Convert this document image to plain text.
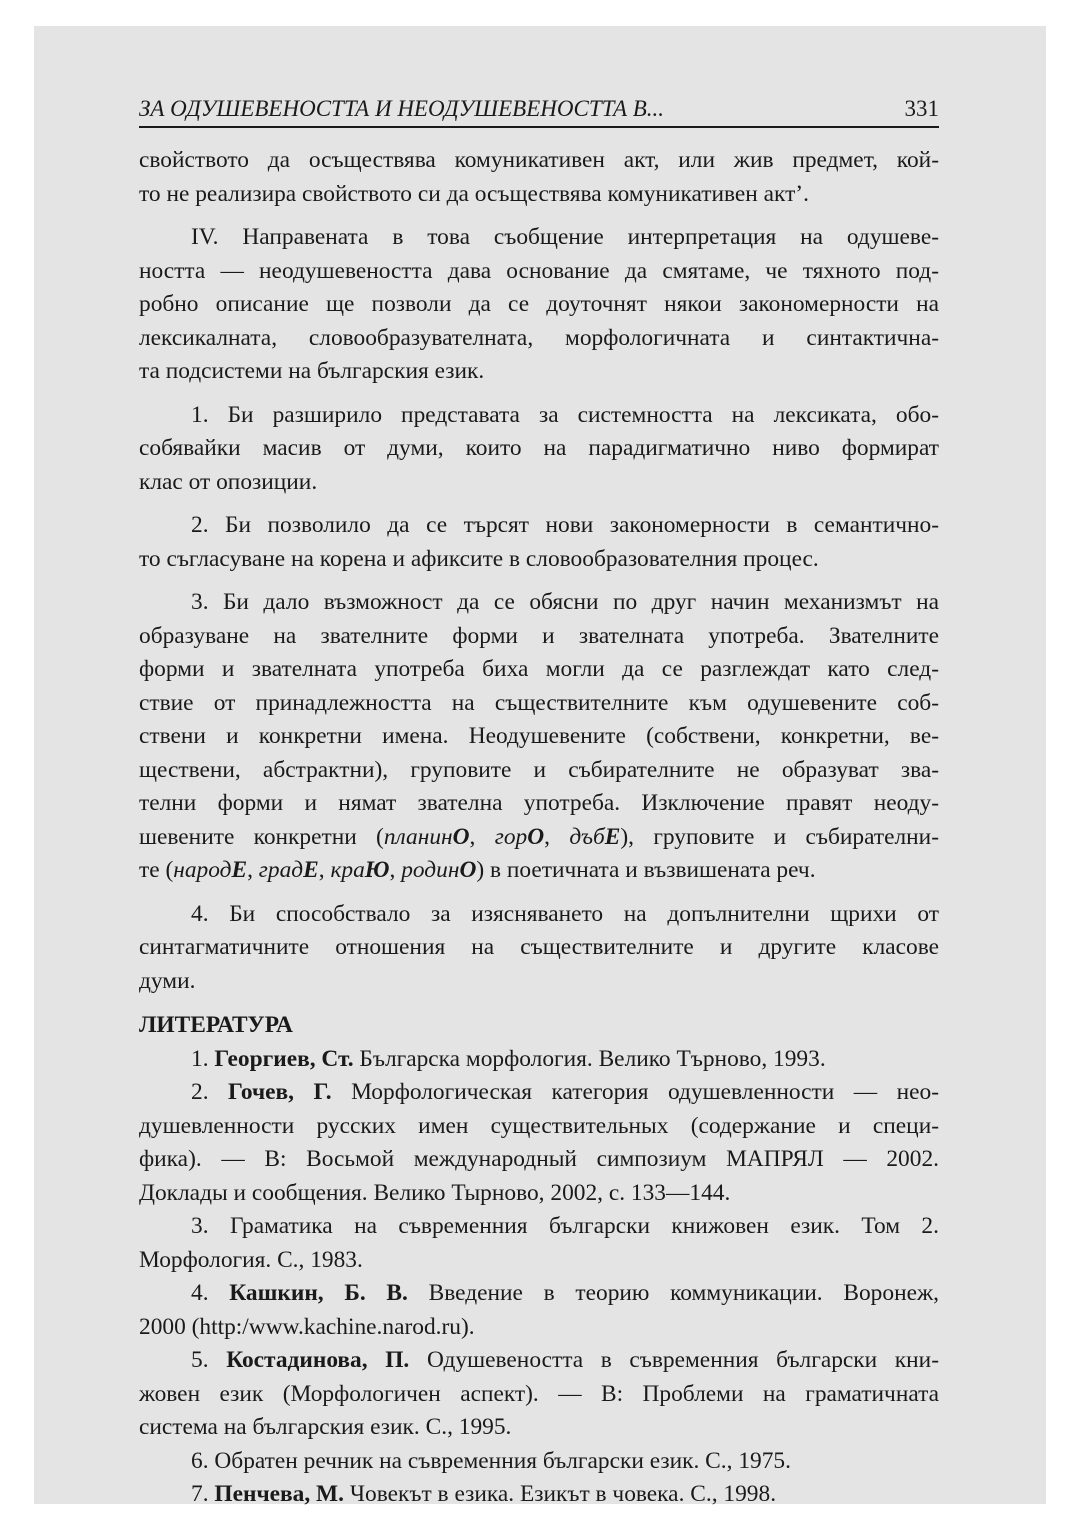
ЗА ОДУШЕВЕНОСТТА И НЕОДУШЕВЕНОСТТА В...	331

свойството да осъществява комуникативен акт, или жив предмет, кой-
то не реализира свойството си да осъществява комуникативен акт’.

IV. Направената в това съобщение интерпретация на одушеве-
ността — неодушевеността дава основание да смятаме, че тяхното под-
робно описание ще позволи да се доуточнят някои закономерности на
лексикалната, словообразувателната, морфологичната и синтактична-
та подсистеми на българския език.

1. Би разширило представата за системността на лексиката, обо-
собявайки масив от думи, които на парадигматично ниво формират
клас от опозиции.

2. Би позволило да се търсят нови закономерности в семантично-
то съгласуване на корена и афиксите в словообразователния процес.

3. Би дало възможност да се обясни по друг начин механизмът на
образуване на звателните форми и звателната употреба. Звателните
форми и звателната употреба биха могли да се разглеждат като след-
ствие от принадлежността на съществителните към одушевените соб-
ствени и конкретни имена. Неодушевените (собствени, конкретни, ве-
ществени, абстрактни), груповите и събирателните не образуват зва-
телни форми и нямат звателна употреба. Изключение правят неоду-
шевените конкретни (планинО, горО, дъбЕ), груповите и събирателни-
те (народЕ, градЕ, краЮ, родинО) в поетичната и възвишената реч.

4. Би способствало за изясняването на допълнителни щрихи от
синтагматичните отношения на съществителните и другите класове
думи.

ЛИТЕРАТУРА

1. Георгиев, Ст. Българска морфология. Велико Търново, 1993.

2. Гочев, Г. Морфологическая категория одушевленности — нео-
душевленности русских имен существительных (содержание и специ-
фика). — В: Восьмой международный симпозиум МАПРЯЛ — 2002.
Доклады и сообщения. Велико Тырново, 2002, с. 133—144.

3. Граматика на съвременния български книжовен език. Том 2.
Морфология. С., 1983.

4. Кашкин, Б. В. Введение в теорию коммуникации. Воронеж,
2000 (http:/www.kachine.narod.ru).

5. Костадинова, П. Одушевеността в съвременния български кни-
жовен език (Морфологичен аспект). — В: Проблеми на граматичната
система на българския език. С., 1995.

6. Обратен речник на съвременния български език. С., 1975.

7. Пенчева, М. Човекът в езика. Езикът в човека. С., 1998.
